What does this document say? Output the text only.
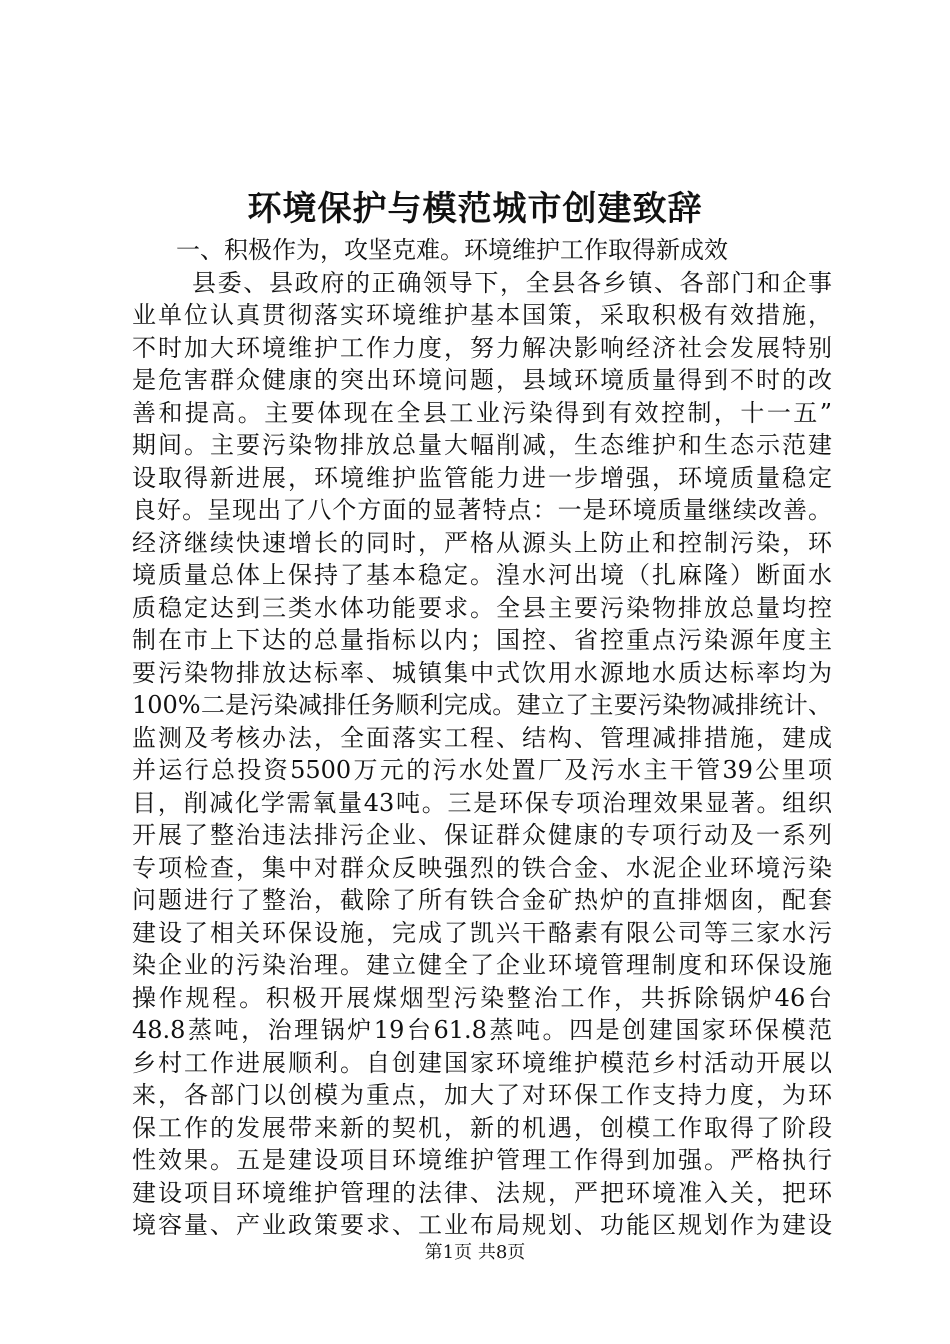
环境保护与模范城市创建致辞
一、积极作为，攻坚克难。环境维护工作取得新成效
县委、县政府的正确领导下，全县各乡镇、各部门和企事
业单位认真贯彻落实环境维护基本国策，采取积极有效措施，
不时加大环境维护工作力度，努力解决影响经济社会发展特别
是危害群众健康的突出环境问题，县域环境质量得到不时的改
善和提高。主要体现在全县工业污染得到有效控制，十一五”
期间。主要污染物排放总量大幅削减，生态维护和生态示范建
设取得新进展，环境维护监管能力进一步增强，环境质量稳定
良好。呈现出了八个方面的显著特点：一是环境质量继续改善。
经济继续快速增长的同时，严格从源头上防止和控制污染，环
境质量总体上保持了基本稳定。湟水河出境（扎麻隆）断面水
质稳定达到三类水体功能要求。全县主要污染物排放总量均控
制在市上下达的总量指标以内；国控、省控重点污染源年度主
要污染物排放达标率、城镇集中式饮用水源地水质达标率均为
100%二是污染减排任务顺利完成。建立了主要污染物减排统计、
监测及考核办法，全面落实工程、结构、管理减排措施，建成
并运行总投资5500万元的污水处置厂及污水主干管39公里项
目，削减化学需氧量43吨。三是环保专项治理效果显著。组织
开展了整治违法排污企业、保证群众健康的专项行动及一系列
专项检查，集中对群众反映强烈的铁合金、水泥企业环境污染
问题进行了整治，截除了所有铁合金矿热炉的直排烟囱，配套
建设了相关环保设施，完成了凯兴干酪素有限公司等三家水污
染企业的污染治理。建立健全了企业环境管理制度和环保设施
操作规程。积极开展煤烟型污染整治工作，共拆除锅炉46台
48.8蒸吨，治理锅炉19台61.8蒸吨。四是创建国家环保模范
乡村工作进展顺利。自创建国家环境维护模范乡村活动开展以
来，各部门以创模为重点，加大了对环保工作支持力度，为环
保工作的发展带来新的契机，新的机遇，创模工作取得了阶段
性效果。五是建设项目环境维护管理工作得到加强。严格执行
建设项目环境维护管理的法律、法规，严把环境准入关，把环
境容量、产业政策要求、工业布局规划、功能区规划作为建设
第1页 共8页
